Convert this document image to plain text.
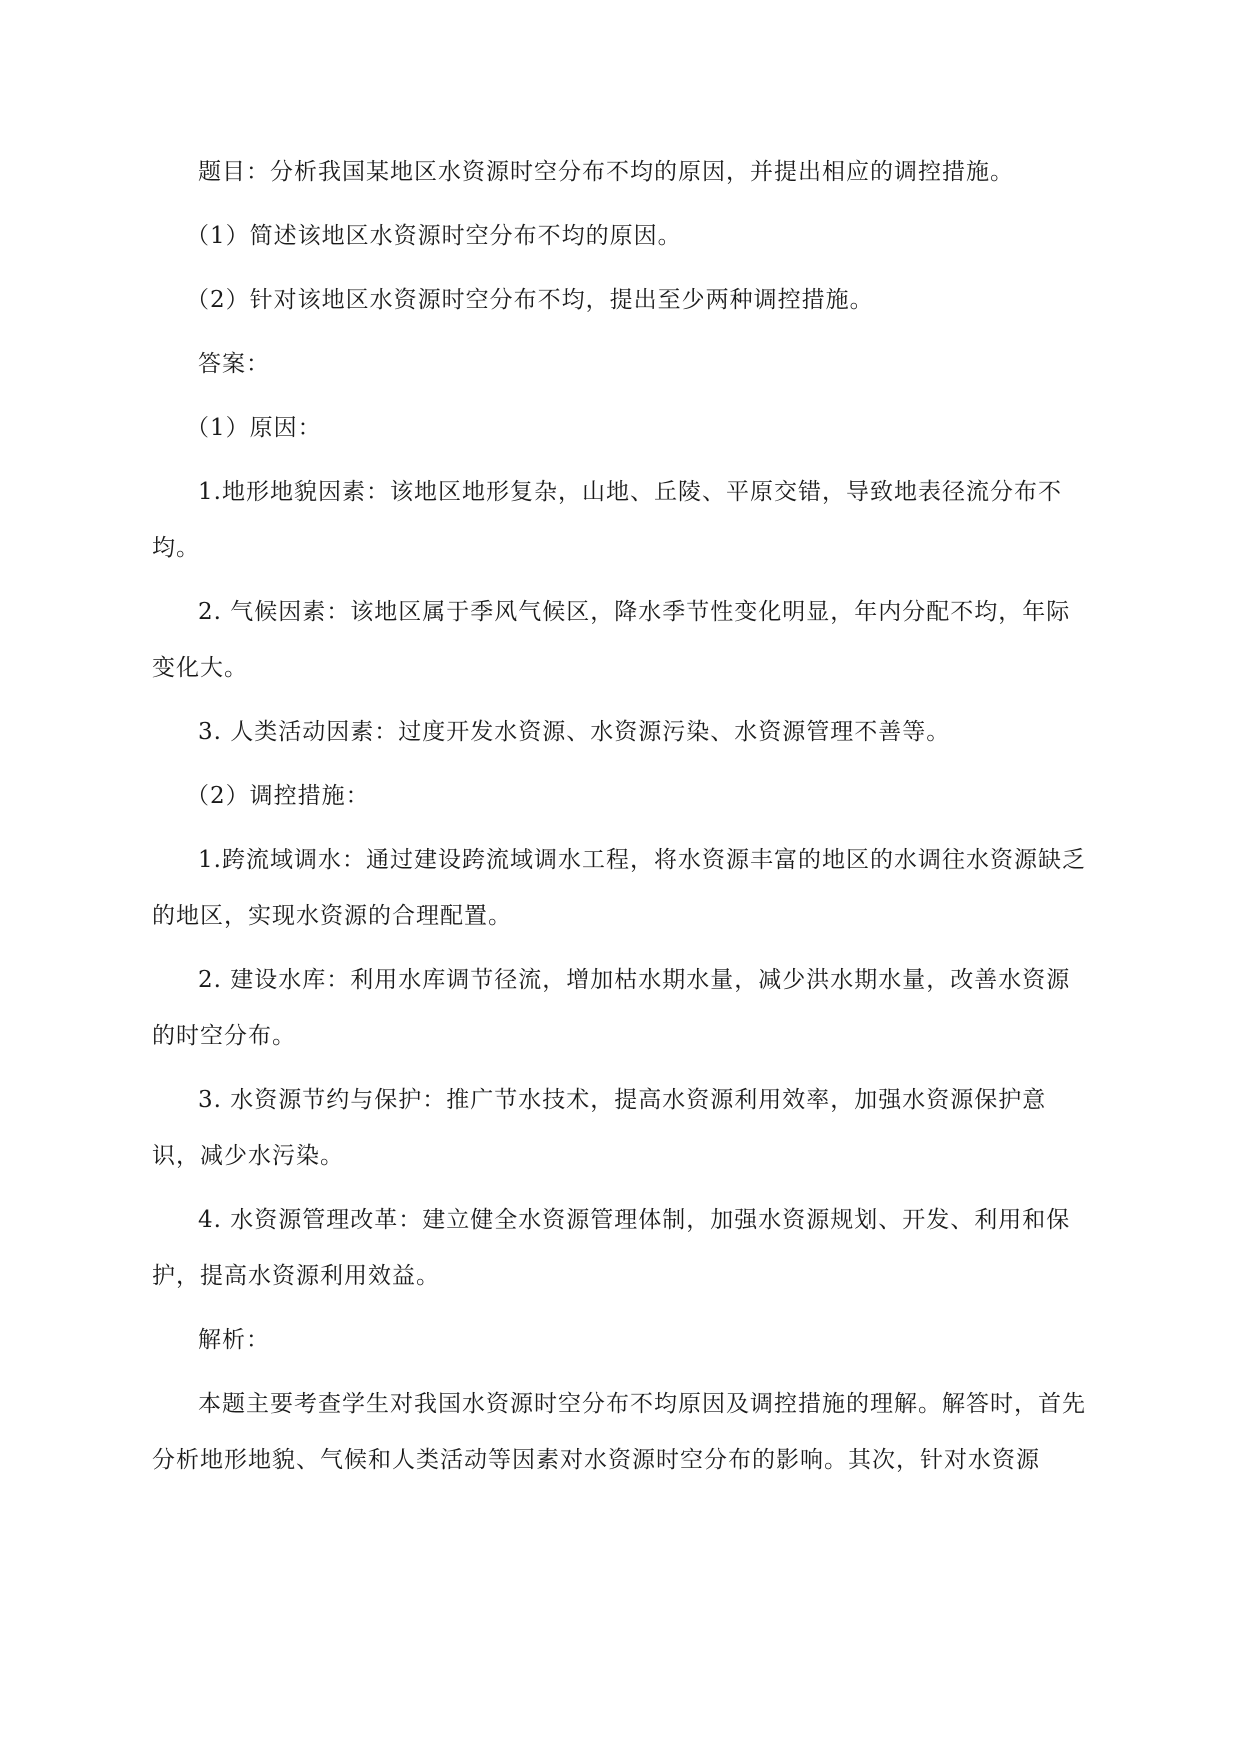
题目：分析我国某地区水资源时空分布不均的原因，并提出相应的调控措施。

（1）简述该地区水资源时空分布不均的原因。

（2）针对该地区水资源时空分布不均，提出至少两种调控措施。

答案：

（1）原因：

1.地形地貌因素：该地区地形复杂，山地、丘陵、平原交错，导致地表径流分布不均。

2. 气候因素：该地区属于季风气候区，降水季节性变化明显，年内分配不均，年际变化大。

3. 人类活动因素：过度开发水资源、水资源污染、水资源管理不善等。

（2）调控措施：

1.跨流域调水：通过建设跨流域调水工程，将水资源丰富的地区的水调往水资源缺乏的地区，实现水资源的合理配置。

2. 建设水库：利用水库调节径流，增加枯水期水量，减少洪水期水量，改善水资源的时空分布。

3. 水资源节约与保护：推广节水技术，提高水资源利用效率，加强水资源保护意识，减少水污染。

4. 水资源管理改革：建立健全水资源管理体制，加强水资源规划、开发、利用和保护，提高水资源利用效益。

解析：

本题主要考查学生对我国水资源时空分布不均原因及调控措施的理解。解答时，首先分析地形地貌、气候和人类活动等因素对水资源时空分布的影响。其次，针对水资源
